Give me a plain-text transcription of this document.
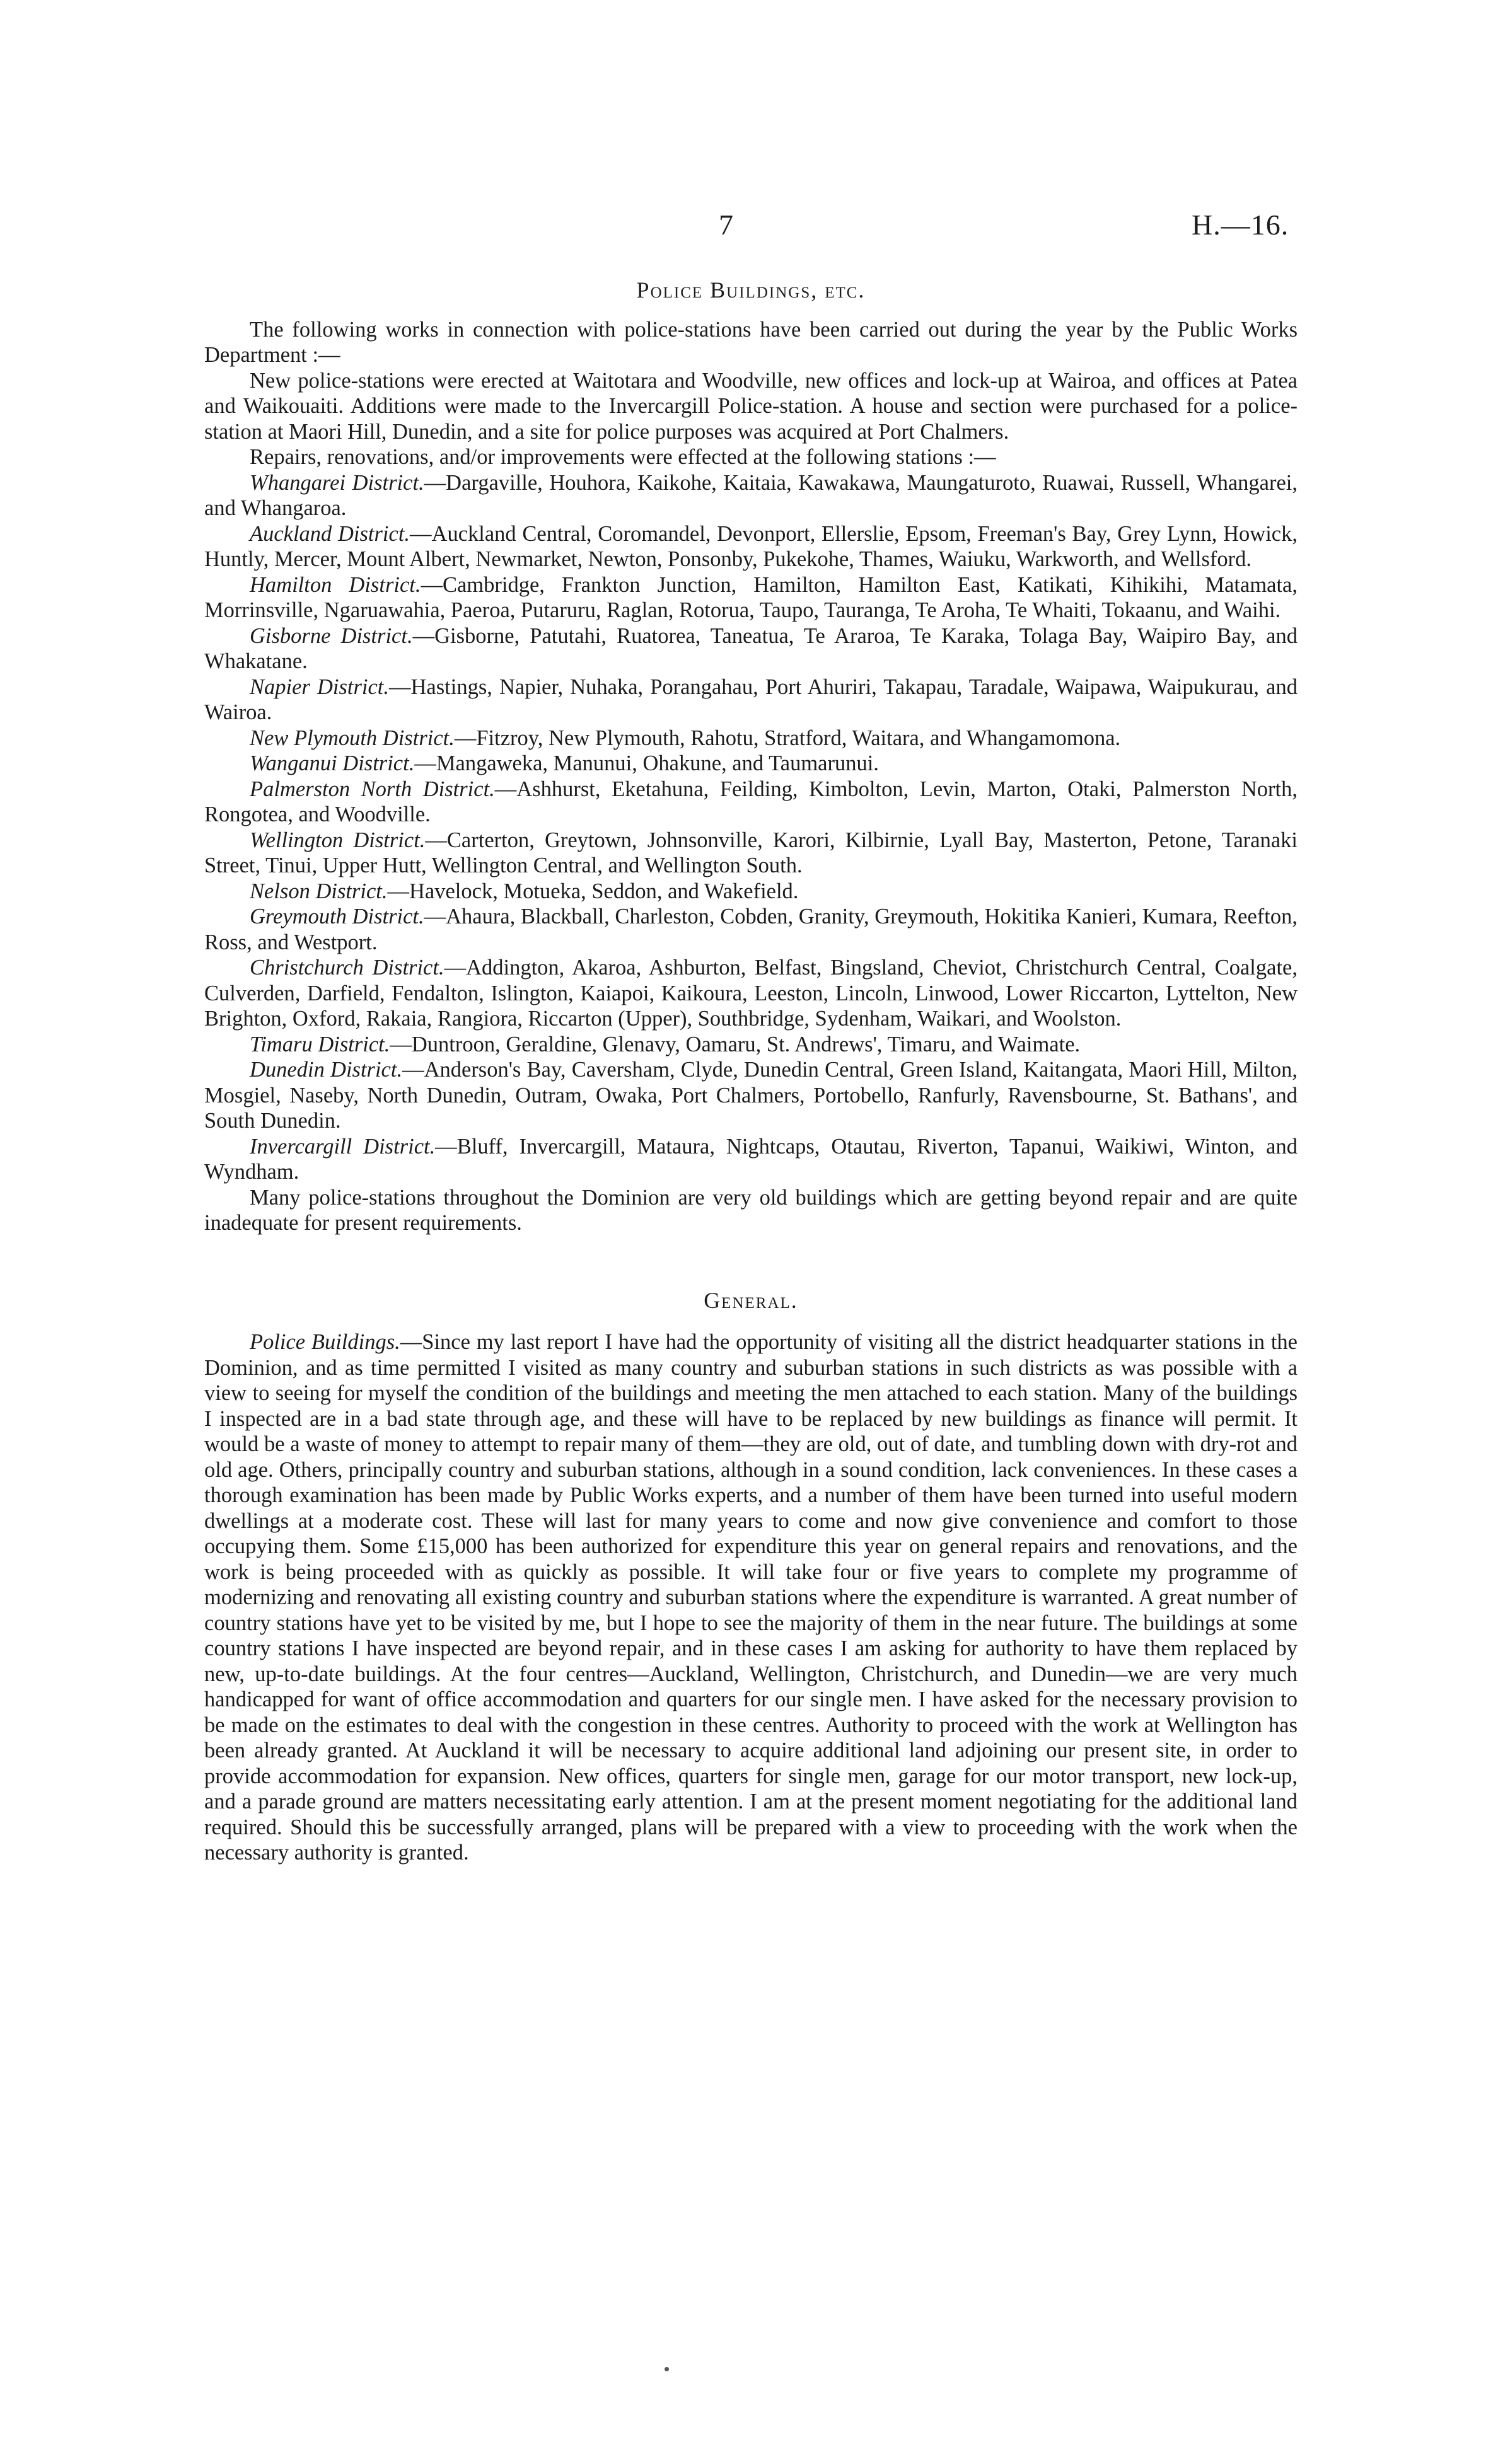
7	H.—16.
Police Buildings, etc.

The following works in connection with police-stations have been carried out during the year by the Public Works Department :—

New police-stations were erected at Waitotara and Woodville, new offices and lock-up at Wairoa, and offices at Patea and Waikouaiti. Additions were made to the Invercargill Police-station. A house and section were purchased for a police-station at Maori Hill, Dunedin, and a site for police purposes was acquired at Port Chalmers.

Repairs, renovations, and/or improvements were effected at the following stations :—

Whangarei District.—Dargaville, Houhora, Kaikohe, Kaitaia, Kawakawa, Maungaturoto, Ruawai, Russell, Whangarei, and Whangaroa.

Auckland District.—Auckland Central, Coromandel, Devonport, Ellerslie, Epsom, Freeman's Bay, Grey Lynn, Howick, Huntly, Mercer, Mount Albert, Newmarket, Newton, Ponsonby, Pukekohe, Thames, Waiuku, Warkworth, and Wellsford.

Hamilton District.—Cambridge, Frankton Junction, Hamilton, Hamilton East, Katikati, Kihikihi, Matamata, Morrinsville, Ngaruawahia, Paeroa, Putaruru, Raglan, Rotorua, Taupo, Tauranga, Te Aroha, Te Whaiti, Tokaanu, and Waihi.

Gisborne District.—Gisborne, Patutahi, Ruatorea, Taneatua, Te Araroa, Te Karaka, Tolaga Bay, Waipiro Bay, and Whakatane.

Napier District.—Hastings, Napier, Nuhaka, Porangahau, Port Ahuriri, Takapau, Taradale, Waipawa, Waipukurau, and Wairoa.

New Plymouth District.—Fitzroy, New Plymouth, Rahotu, Stratford, Waitara, and Whangamomona.

Wanganui District.—Mangaweka, Manunui, Ohakune, and Taumarunui.

Palmerston North District.—Ashhurst, Eketahuna, Feilding, Kimbolton, Levin, Marton, Otaki, Palmerston North, Rongotea, and Woodville.

Wellington District.—Carterton, Greytown, Johnsonville, Karori, Kilbirnie, Lyall Bay, Masterton, Petone, Taranaki Street, Tinui, Upper Hutt, Wellington Central, and Wellington South.

Nelson District.—Havelock, Motueka, Seddon, and Wakefield.

Greymouth District.—Ahaura, Blackball, Charleston, Cobden, Granity, Greymouth, Hokitika Kanieri, Kumara, Reefton, Ross, and Westport.

Christchurch District.—Addington, Akaroa, Ashburton, Belfast, Bingsland, Cheviot, Christchurch Central, Coalgate, Culverden, Darfield, Fendalton, Islington, Kaiapoi, Kaikoura, Leeston, Lincoln, Linwood, Lower Riccarton, Lyttelton, New Brighton, Oxford, Rakaia, Rangiora, Riccarton (Upper), Southbridge, Sydenham, Waikari, and Woolston.

Timaru District.—Duntroon, Geraldine, Glenavy, Oamaru, St. Andrews', Timaru, and Waimate.

Dunedin District.—Anderson's Bay, Caversham, Clyde, Dunedin Central, Green Island, Kaitangata, Maori Hill, Milton, Mosgiel, Naseby, North Dunedin, Outram, Owaka, Port Chalmers, Portobello, Ranfurly, Ravensbourne, St. Bathans', and South Dunedin.

Invercargill District.—Bluff, Invercargill, Mataura, Nightcaps, Otautau, Riverton, Tapanui, Waikiwi, Winton, and Wyndham.

Many police-stations throughout the Dominion are very old buildings which are getting beyond repair and are quite inadequate for present requirements.

General.

Police Buildings.—Since my last report I have had the opportunity of visiting all the district headquarter stations in the Dominion, and as time permitted I visited as many country and suburban stations in such districts as was possible with a view to seeing for myself the condition of the buildings and meeting the men attached to each station. Many of the buildings I inspected are in a bad state through age, and these will have to be replaced by new buildings as finance will permit. It would be a waste of money to attempt to repair many of them—they are old, out of date, and tumbling down with dry-rot and old age. Others, principally country and suburban stations, although in a sound condition, lack conveniences. In these cases a thorough examination has been made by Public Works experts, and a number of them have been turned into useful modern dwellings at a moderate cost. These will last for many years to come and now give convenience and comfort to those occupying them. Some £15,000 has been authorized for expenditure this year on general repairs and renovations, and the work is being proceeded with as quickly as possible. It will take four or five years to complete my programme of modernizing and renovating all existing country and suburban stations where the expenditure is warranted. A great number of country stations have yet to be visited by me, but I hope to see the majority of them in the near future. The buildings at some country stations I have inspected are beyond repair, and in these cases I am asking for authority to have them replaced by new, up-to-date buildings. At the four centres—Auckland, Wellington, Christchurch, and Dunedin—we are very much handicapped for want of office accommodation and quarters for our single men. I have asked for the necessary provision to be made on the estimates to deal with the congestion in these centres. Authority to proceed with the work at Wellington has been already granted. At Auckland it will be necessary to acquire additional land adjoining our present site, in order to provide accommodation for expansion. New offices, quarters for single men, garage for our motor transport, new lock-up, and a parade ground are matters necessitating early attention. I am at the present moment negotiating for the additional land required. Should this be successfully arranged, plans will be prepared with a view to proceeding with the work when the necessary authority is granted.
